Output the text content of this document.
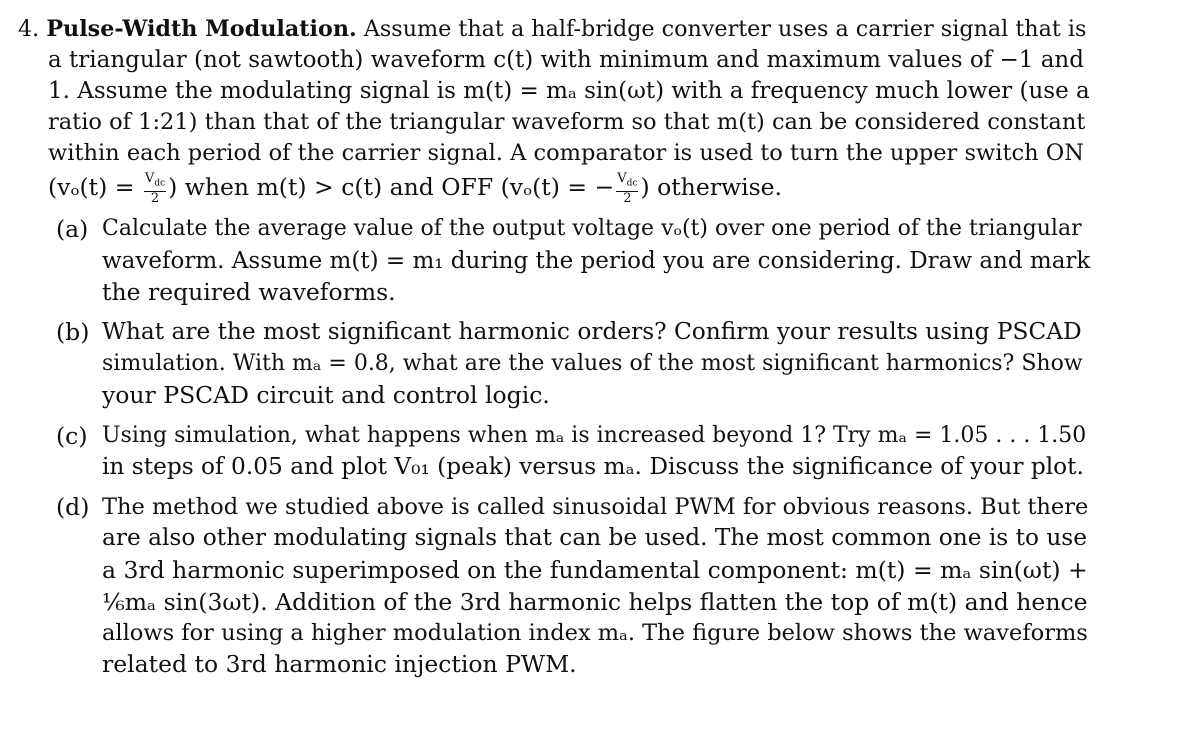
4. Pulse-Width Modulation. Assume that a half-bridge converter uses a carrier signal that is
a triangular (not sawtooth) waveform c(t) with minimum and maximum values of −1 and
1. Assume the modulating signal is m(t) = mₐ sin(ωt) with a frequency much lower (use a
ratio of 1:21) than that of the triangular waveform so that m(t) can be considered constant
within each period of the carrier signal. A comparator is used to turn the upper switch ON
($v_o(t) = \frac{V_{dc}}{2}$ ) when m(t) > c(t) and OFF (vₒ(t) = − $\frac{V_{dc}}{2}$ ) otherwise.
(a) Calculate the average value of the output voltage vₒ(t) over one period of the triangular
waveform. Assume m(t) = m₁ during the period you are considering. Draw and mark
the required waveforms.
(b) What are the most significant harmonic orders? Confirm your results using PSCAD
simulation. With mₐ = 0.8, what are the values of the most significant harmonics? Show
your PSCAD circuit and control logic.
(c) Using simulation, what happens when mₐ is increased beyond 1? Try mₐ = 1.05 . . . 1.50
in steps of 0.05 and plot V₀₁ (peak) versus mₐ. Discuss the significance of your plot.
(d) The method we studied above is called sinusoidal PWM for obvious reasons. But there
are also other modulating signals that can be used. The most common one is to use
a 3rd harmonic superimposed on the fundamental component: m(t) = mₐ sin(ωt) +
⅙mₐ sin(3ωt). Addition of the 3rd harmonic helps flatten the top of m(t) and hence
allows for using a higher modulation index mₐ. The figure below shows the waveforms
related to 3rd harmonic injection PWM.
